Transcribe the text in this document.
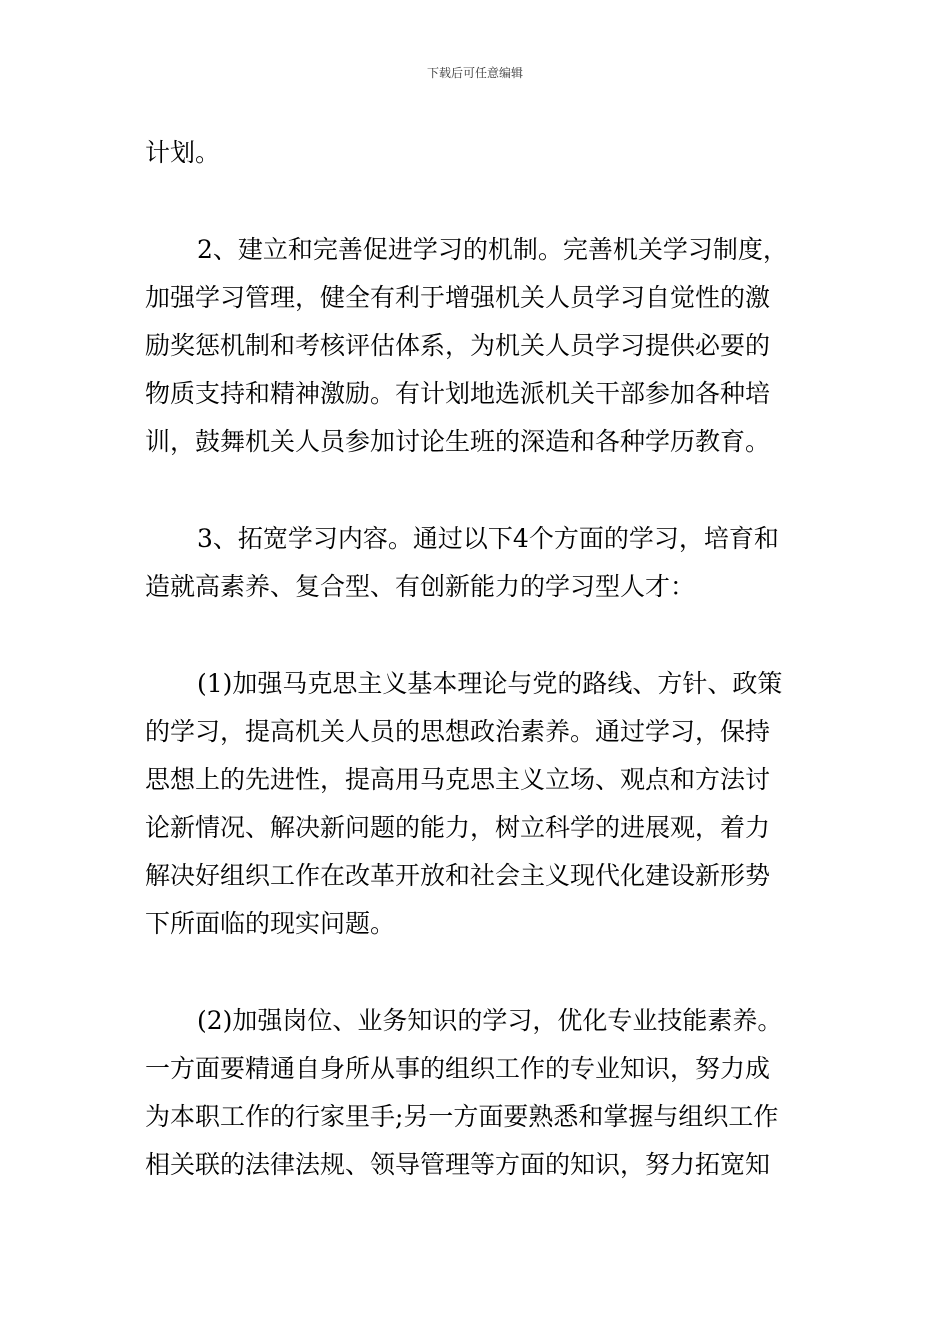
下载后可任意编辑
计划。
2、建立和完善促进学习的机制。完善机关学习制度，
加强学习管理，健全有利于增强机关人员学习自觉性的激
励奖惩机制和考核评估体系，为机关人员学习提供必要的
物质支持和精神激励。有计划地选派机关干部参加各种培
训，鼓舞机关人员参加讨论生班的深造和各种学历教育。
3、拓宽学习内容。通过以下4个方面的学习，培育和
造就高素养、复合型、有创新能力的学习型人才：
(1)加强马克思主义基本理论与党的路线、方针、政策
的学习，提高机关人员的思想政治素养。通过学习，保持
思想上的先进性，提高用马克思主义立场、观点和方法讨
论新情况、解决新问题的能力，树立科学的进展观，着力
解决好组织工作在改革开放和社会主义现代化建设新形势
下所面临的现实问题。
(2)加强岗位、业务知识的学习，优化专业技能素养。
一方面要精通自身所从事的组织工作的专业知识，努力成
为本职工作的行家里手;另一方面要熟悉和掌握与组织工作
相关联的法律法规、领导管理等方面的知识，努力拓宽知
